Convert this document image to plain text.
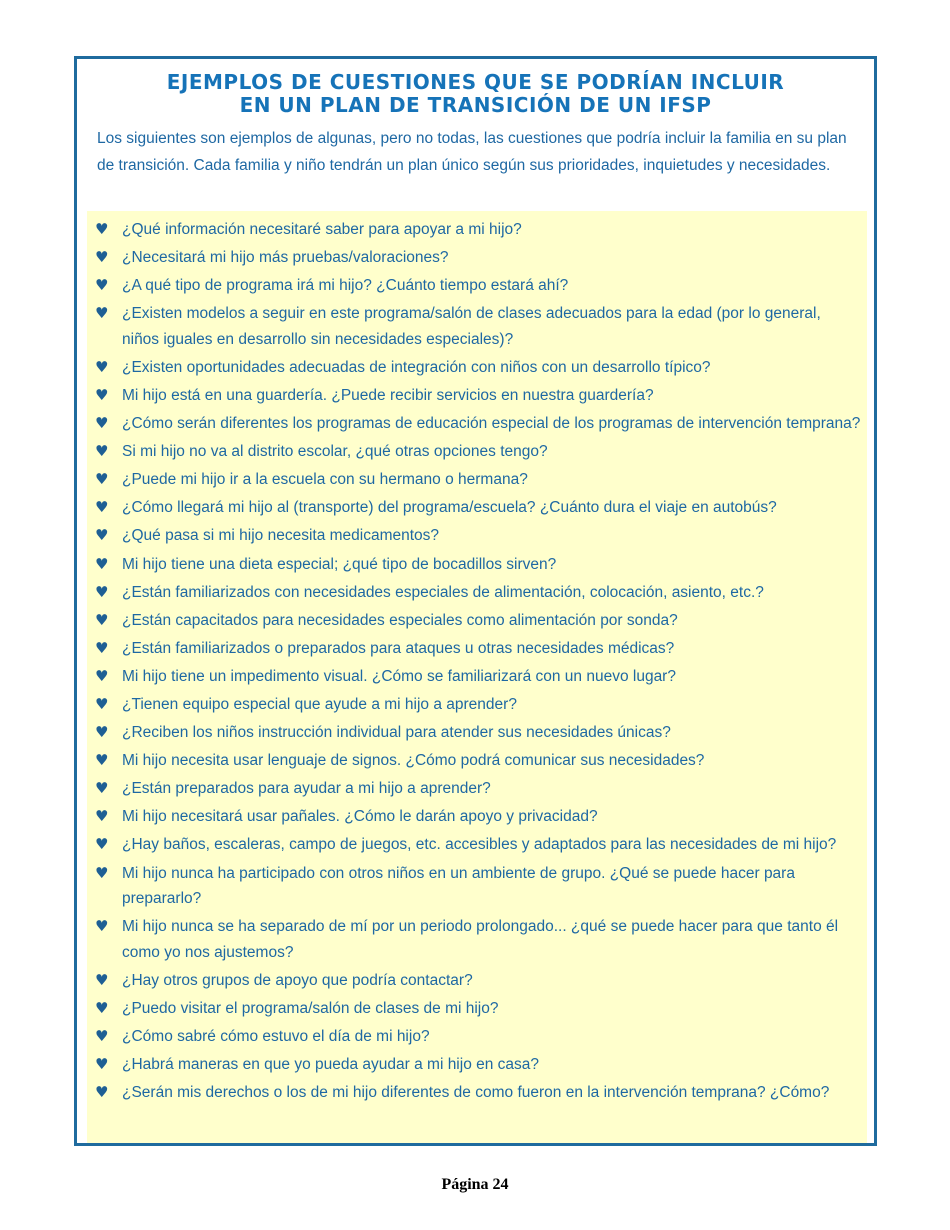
EJEMPLOS DE CUESTIONES QUE SE PODRÍAN INCLUIR
EN UN PLAN DE TRANSICIÓN DE UN IFSP

Los siguientes son ejemplos de algunas, pero no todas, las cuestiones que podría incluir la familia en su plan de transición. Cada familia y niño tendrán un plan único según sus prioridades, inquietudes y necesidades.

♥ ¿Qué información necesitaré saber para apoyar a mi hijo?
♥ ¿Necesitará mi hijo más pruebas/valoraciones?
♥ ¿A qué tipo de programa irá mi hijo? ¿Cuánto tiempo estará ahí?
♥ ¿Existen modelos a seguir en este programa/salón de clases adecuados para la edad (por lo general, niños iguales en desarrollo sin necesidades especiales)?
♥ ¿Existen oportunidades adecuadas de integración con niños con un desarrollo típico?
♥ Mi hijo está en una guardería. ¿Puede recibir servicios en nuestra guardería?
♥ ¿Cómo serán diferentes los programas de educación especial de los programas de intervención temprana?
♥ Si mi hijo no va al distrito escolar, ¿qué otras opciones tengo?
♥ ¿Puede mi hijo ir a la escuela con su hermano o hermana?
♥ ¿Cómo llegará mi hijo al (transporte) del programa/escuela? ¿Cuánto dura el viaje en autobús?
♥ ¿Qué pasa si mi hijo necesita medicamentos?
♥ Mi hijo tiene una dieta especial; ¿qué tipo de bocadillos sirven?
♥ ¿Están familiarizados con necesidades especiales de alimentación, colocación, asiento, etc.?
♥ ¿Están capacitados para necesidades especiales como alimentación por sonda?
♥ ¿Están familiarizados o preparados para ataques u otras necesidades médicas?
♥ Mi hijo tiene un impedimento visual. ¿Cómo se familiarizará con un nuevo lugar?
♥ ¿Tienen equipo especial que ayude a mi hijo a aprender?
♥ ¿Reciben los niños instrucción individual para atender sus necesidades únicas?
♥ Mi hijo necesita usar lenguaje de signos. ¿Cómo podrá comunicar sus necesidades?
♥ ¿Están preparados para ayudar a mi hijo a aprender?
♥ Mi hijo necesitará usar pañales. ¿Cómo le darán apoyo y privacidad?
♥ ¿Hay baños, escaleras, campo de juegos, etc. accesibles y adaptados para las necesidades de mi hijo?
♥ Mi hijo nunca ha participado con otros niños en un ambiente de grupo. ¿Qué se puede hacer para prepararlo?
♥ Mi hijo nunca se ha separado de mí por un periodo prolongado... ¿qué se puede hacer para que tanto él como yo nos ajustemos?
♥ ¿Hay otros grupos de apoyo que podría contactar?
♥ ¿Puedo visitar el programa/salón de clases de mi hijo?
♥ ¿Cómo sabré cómo estuvo el día de mi hijo?
♥ ¿Habrá maneras en que yo pueda ayudar a mi hijo en casa?
♥ ¿Serán mis derechos o los de mi hijo diferentes de como fueron en la intervención temprana? ¿Cómo?
Página 24
